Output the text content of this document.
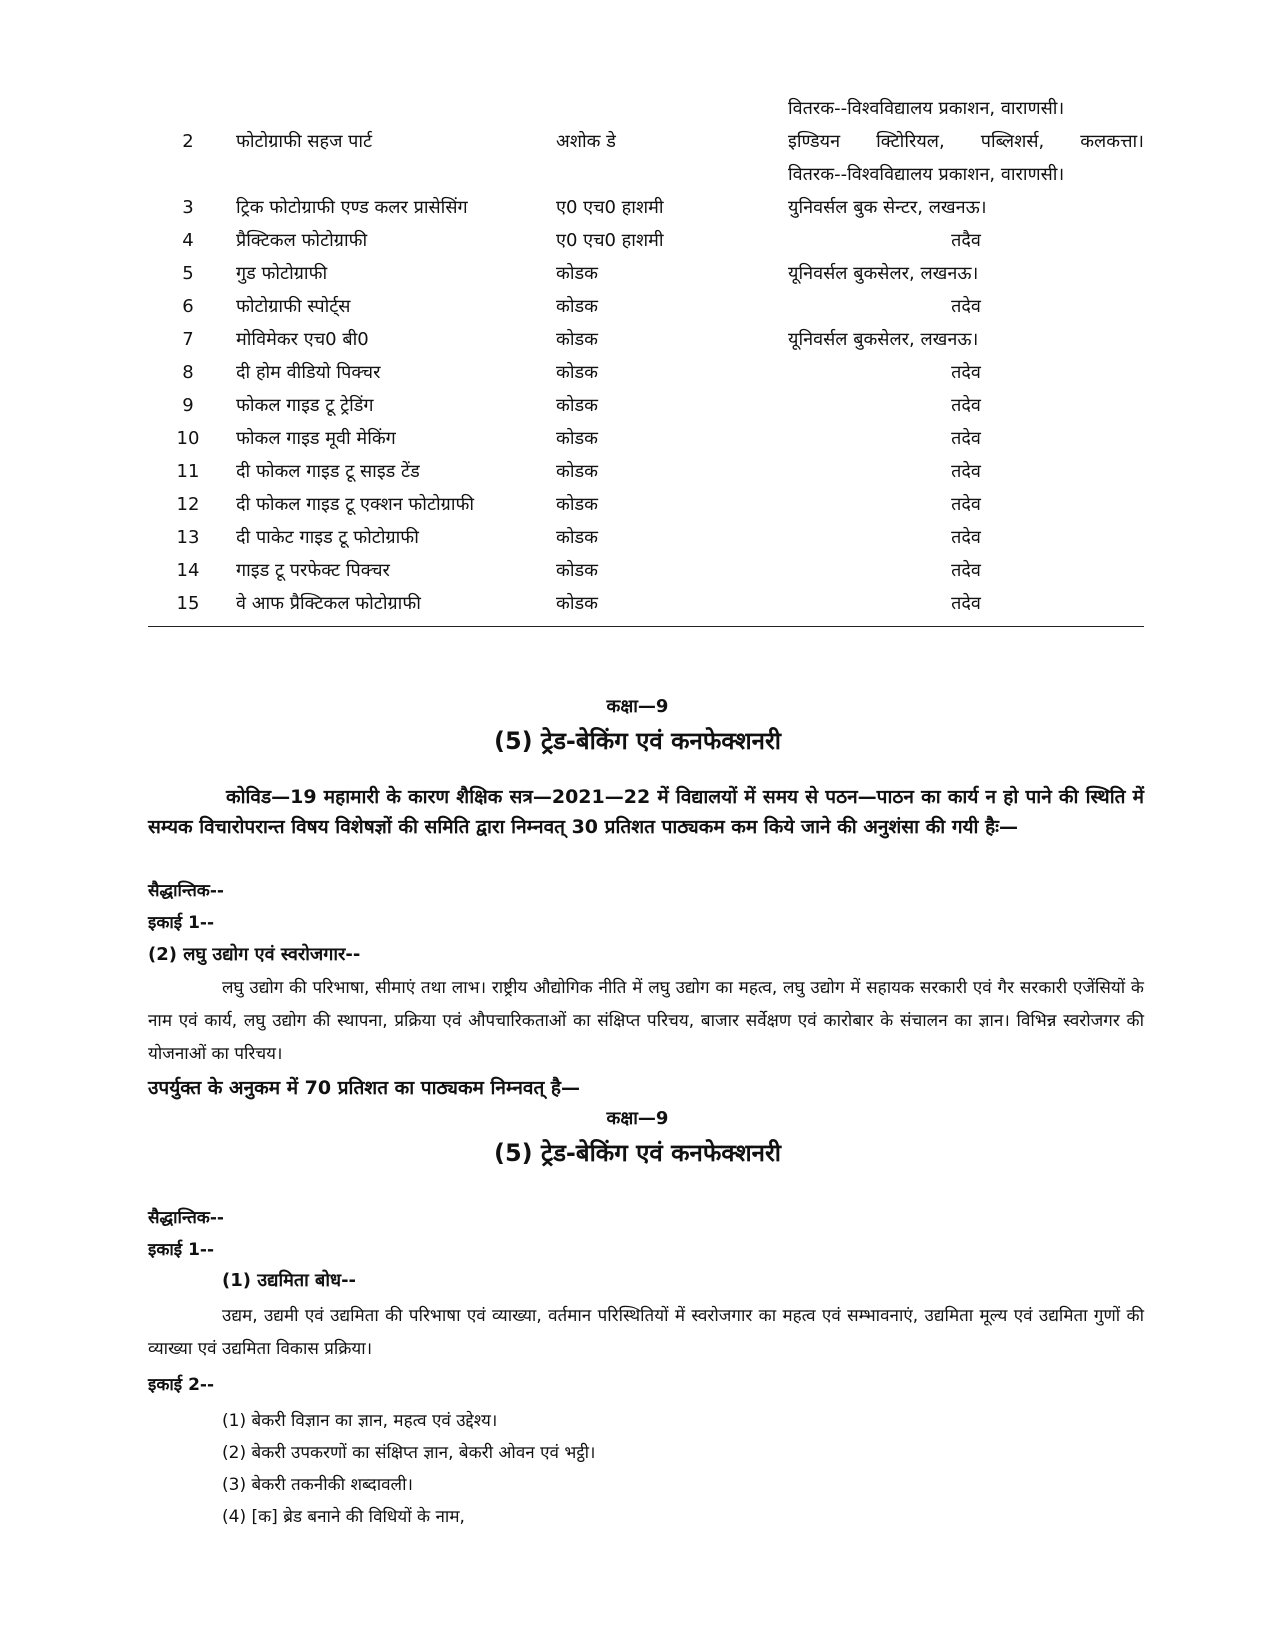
वितरक--विश्वविद्यालय प्रकाशन, वाराणसी।
2	फोटोग्राफी सहज पार्ट	अशोक डे	इण्डियन क्टिोरियल, पब्लिशर्स, कलकत्ता।
वितरक--विश्वविद्यालय प्रकाशन, वाराणसी।
3	ट्रिक फोटोग्राफी एण्ड कलर प्रासेसिंग	ए0 एच0 हाशमी	युनिवर्सल बुक सेन्टर, लखनऊ।
4	प्रैक्टिकल फोटोग्राफी	ए0 एच0 हाशमी	तदैव
5	गुड फोटोग्राफी	कोडक	यूनिवर्सल बुकसेलर, लखनऊ।
6	फोटोग्राफी स्पोर्ट्‌स	कोडक	तदेव
7	मोविमेकर एच0 बी0	कोडक	यूनिवर्सल बुकसेलर, लखनऊ।
8	दी होम वीडियो पिक्चर	कोडक	तदेव
9	फोकल गाइड टू ट्रेडिंग	कोडक	तदेव
10	फोकल गाइड मूवी मेकिंग	कोडक	तदेव
11	दी फोकल गाइड टू साइड टेंड	कोडक	तदेव
12	दी फोकल गाइड टू एक्शन फोटोग्राफी	कोडक	तदेव
13	दी पाकेट गाइड टू फोटोग्राफी	कोडक	तदेव
14	गाइड टू परफेक्ट पिक्चर	कोडक	तदेव
15	वे आफ प्रैक्टिकल फोटोग्राफी	कोडक	तदेव
कक्षा—9
(5) ट्रेड-बेकिंग एवं कनफेक्शनरी

कोविड—19 महामारी के कारण शैक्षिक सत्र—2021—22 में विद्यालयों में समय से पठन—पाठन का कार्य न हो पाने की स्थिति में सम्यक विचारोपरान्त विषय विशेषज्ञों की समिति द्वारा निम्नवत् 30 प्रतिशत पाठ्यकम कम किये जाने की अनुशंसा की गयी हैः—

सैद्धान्तिक--
इकाई 1--
(2) लघु उद्योग एवं स्वरोजगार--

लघु उद्योग की परिभाषा, सीमाएं तथा लाभ। राष्ट्रीय औद्योगिक नीति में लघु उद्योग का महत्व, लघु उद्योग में सहायक सरकारी एवं गैर सरकारी एजेंसियों के नाम एवं कार्य, लघु उद्योग की स्थापना, प्रक्रिया एवं औपचारिकताओं का संक्षिप्त परिचय, बाजार सर्वेक्षण एवं कारोबार के संचालन का ज्ञान। विभिन्न स्वरोजगर की योजनाओं का परिचय।

उपर्युक्त के अनुकम में 70 प्रतिशत का पाठ्यकम निम्नवत् है—
कक्षा—9
(5) ट्रेड-बेकिंग एवं कनफेक्शनरी
सैद्धान्तिक--
इकाई 1--
(1) उद्यमिता बोध--

उद्यम, उद्यमी एवं उद्यमिता की परिभाषा एवं व्याख्या, वर्तमान परिस्थितियों में स्वरोजगार का महत्व एवं सम्भावनाएं, उद्यमिता मूल्य एवं उद्यमिता गुणों की व्याख्या एवं उद्यमिता विकास प्रक्रिया।

इकाई 2--
(1) बेकरी विज्ञान का ज्ञान, महत्व एवं उद्देश्य।
(2) बेकरी उपकरणों का संक्षिप्त ज्ञान, बेकरी ओवन एवं भट्ठी।
(3) बेकरी तकनीकी शब्दावली।
(4) [क] ब्रेड बनाने की विधियों के नाम,
